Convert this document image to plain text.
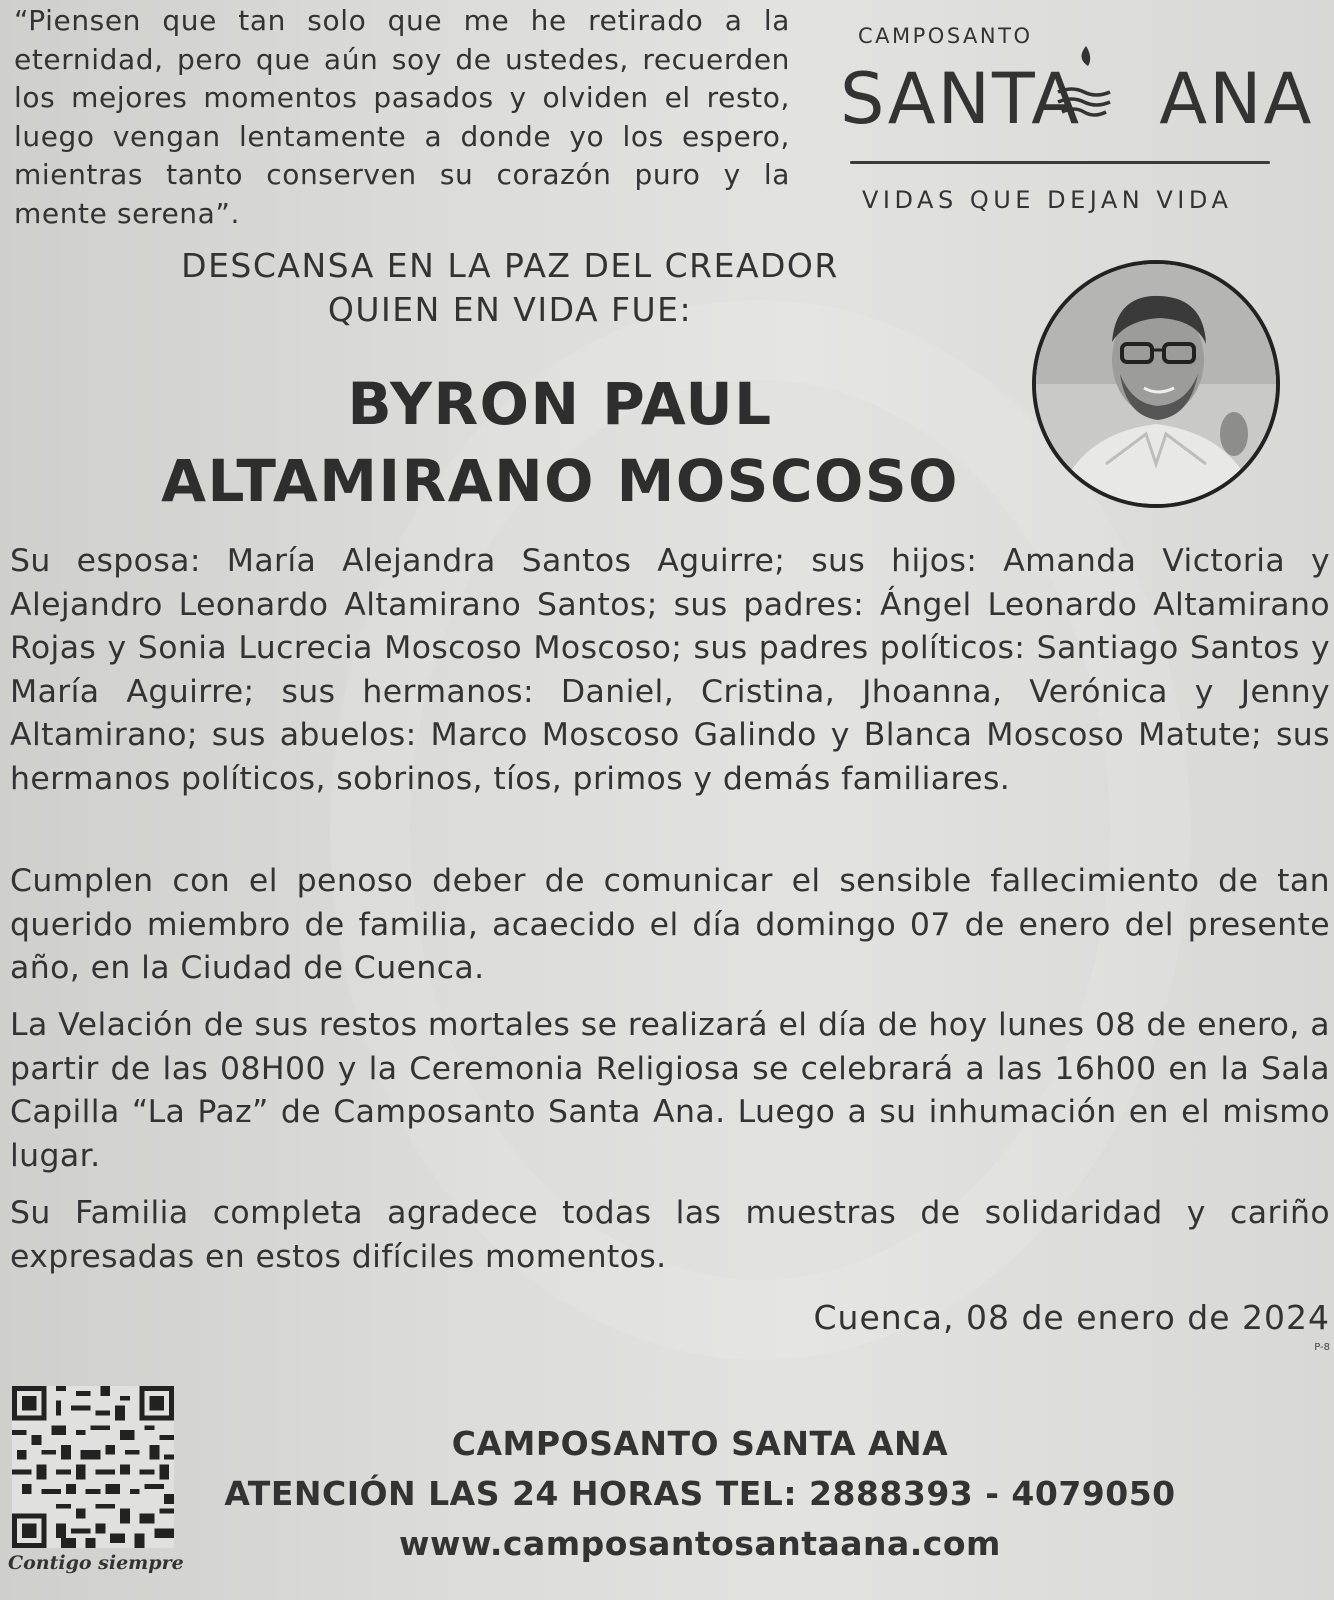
“Piensen que tan solo que me he retirado a la eternidad, pero que aún soy de ustedes, recuerden los mejores momentos pasados y olviden el resto, luego vengan lentamente a donde yo los espero, mientras tanto conserven su corazón puro y la mente serena”.
CAMPOSANTO
SANTA ANA
VIDAS QUE DEJAN VIDA
DESCANSA EN LA PAZ DEL CREADOR
QUIEN EN VIDA FUE:
BYRON PAUL
ALTAMIRANO MOSCOSO
Su esposa: María Alejandra Santos Aguirre; sus hijos: Amanda Victoria y Alejandro Leonardo Altamirano Santos; sus padres: Ángel Leonardo Altamirano Rojas y Sonia Lucrecia Moscoso Moscoso; sus padres políticos: Santiago Santos y María Aguirre; sus hermanos: Daniel, Cristina, Jhoanna, Verónica y Jenny Altamirano; sus abuelos: Marco Moscoso Galindo y Blanca Moscoso Matute; sus hermanos políticos, sobrinos, tíos, primos y demás familiares.
Cumplen con el penoso deber de comunicar el sensible fallecimiento de tan querido miembro de familia, acaecido el día domingo 07 de enero del presente año, en la Ciudad de Cuenca.
La Velación de sus restos mortales se realizará el día de hoy lunes 08 de enero, a partir de las 08H00 y la Ceremonia Religiosa se celebrará a las 16h00 en la Sala Capilla “La Paz” de Camposanto Santa Ana. Luego a su inhumación en el mismo lugar.
Su Familia completa agradece todas las muestras de solidaridad y cariño expresadas en estos difíciles momentos.
Cuenca, 08 de enero de 2024
P-8
Contigo siempre
CAMPOSANTO SANTA ANA
ATENCIÓN LAS 24 HORAS TEL: 2888393 - 4079050
www.camposantosantaana.com
